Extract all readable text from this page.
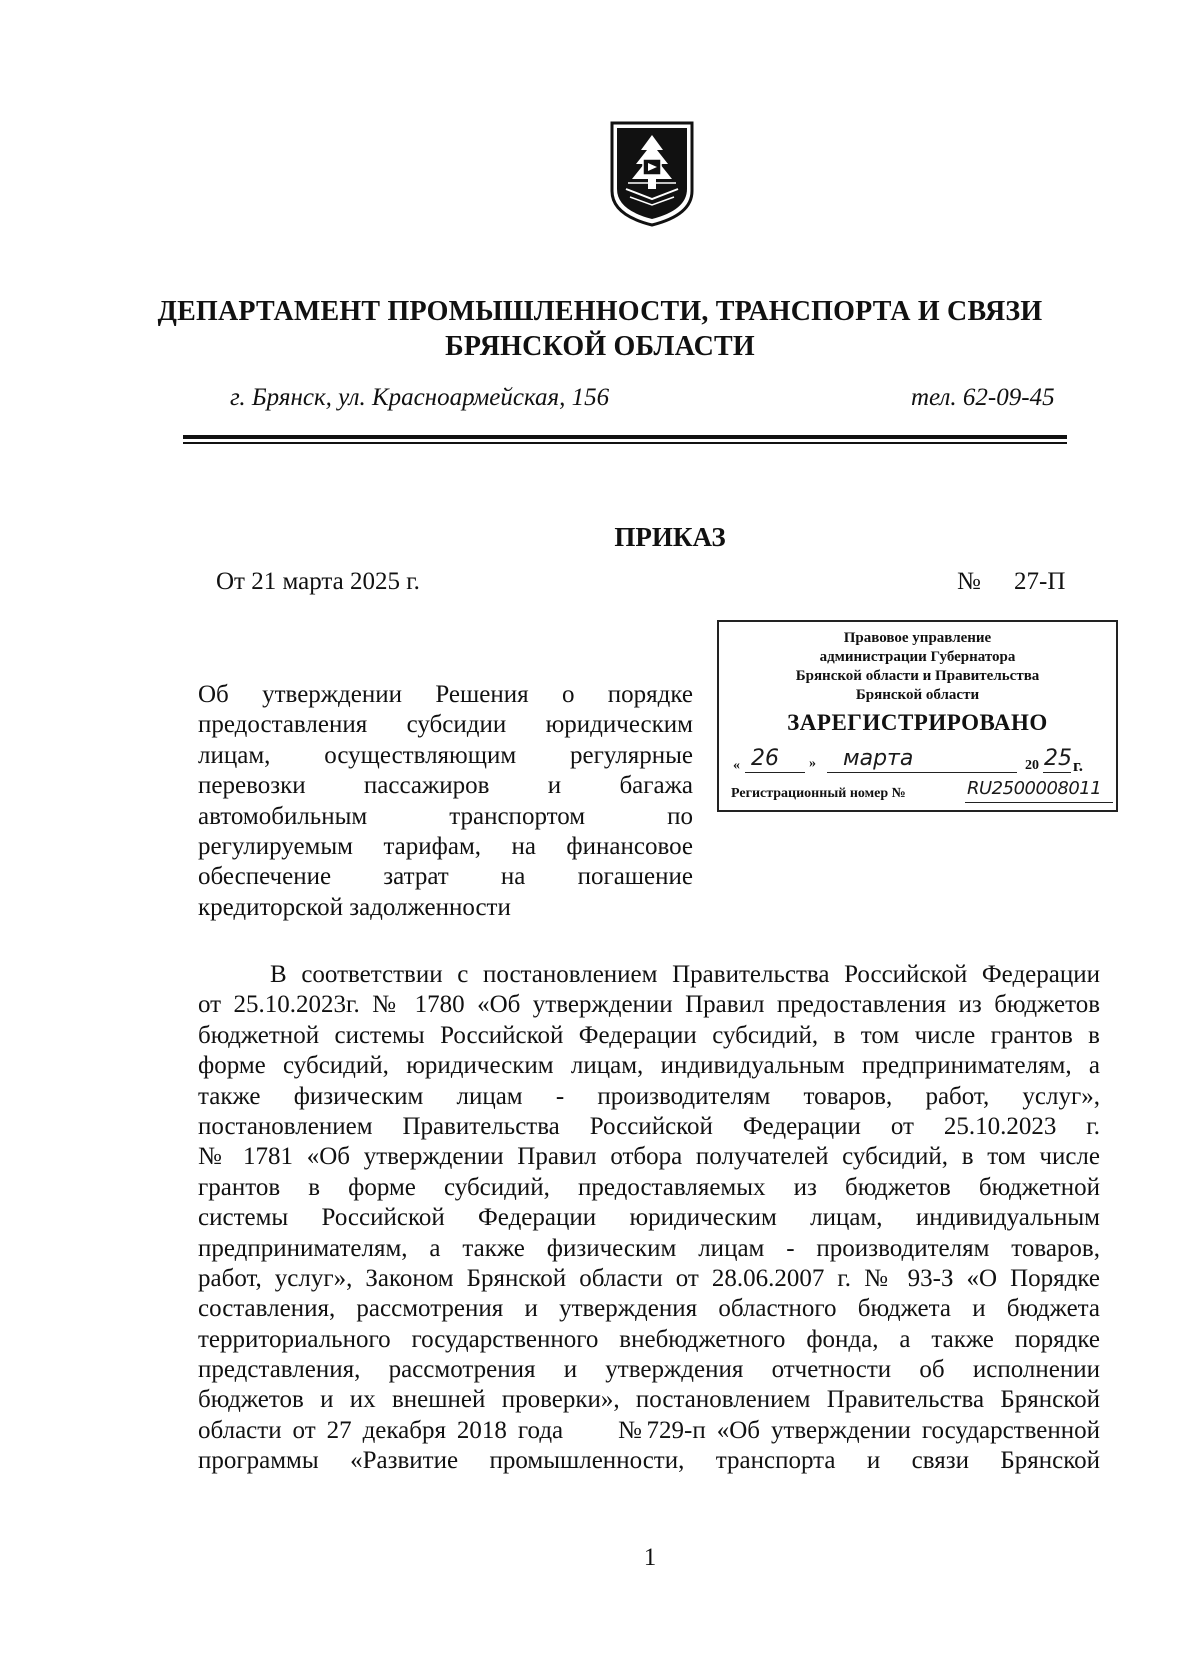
ДЕПАРТАМЕНТ ПРОМЫШЛЕННОСТИ, ТРАНСПОРТА И СВЯЗИ
БРЯНСКОЙ ОБЛАСТИ
г. Брянск, ул. Красноармейская, 156	тел. 62-09-45
ПРИКАЗ
От 21 марта 2025 г.	№ 27-П
Правовое управление
администрации Губернатора
Брянской области и Правительства
Брянской области
ЗАРЕГИСТРИРОВАНО
« 26 » марта	20 25 г.
Регистрационный номер №	RU2500008011
Об утверждении Решения о порядке
предоставления субсидии юридическим
лицам, осуществляющим регулярные
перевозки пассажиров и багажа
автомобильным транспортом по
регулируемым тарифам, на финансовое
обеспечение затрат на погашение
кредиторской задолженности
В соответствии с постановлением Правительства Российской Федерации
от 25.10.2023г. № 1780 «Об утверждении Правил предоставления из бюджетов
бюджетной системы Российской Федерации субсидий, в том числе грантов в
форме субсидий, юридическим лицам, индивидуальным предпринимателям, а
также физическим лицам - производителям товаров, работ, услуг»,
постановлением Правительства Российской Федерации от 25.10.2023 г.
№ 1781 «Об утверждении Правил отбора получателей субсидий, в том числе
грантов в форме субсидий, предоставляемых из бюджетов бюджетной
системы Российской Федерации юридическим лицам, индивидуальным
предпринимателям, а также физическим лицам - производителям товаров,
работ, услуг», Законом Брянской области от 28.06.2007 г. № 93-З «О Порядке
составления, рассмотрения и утверждения областного бюджета и бюджета
территориального государственного внебюджетного фонда, а также порядке
представления, рассмотрения и утверждения отчетности об исполнении
бюджетов и их внешней проверки», постановлением Правительства Брянской
области от 27 декабря 2018 года     №729-п «Об утверждении государственной
программы «Развитие промышленности, транспорта и связи Брянской
1
